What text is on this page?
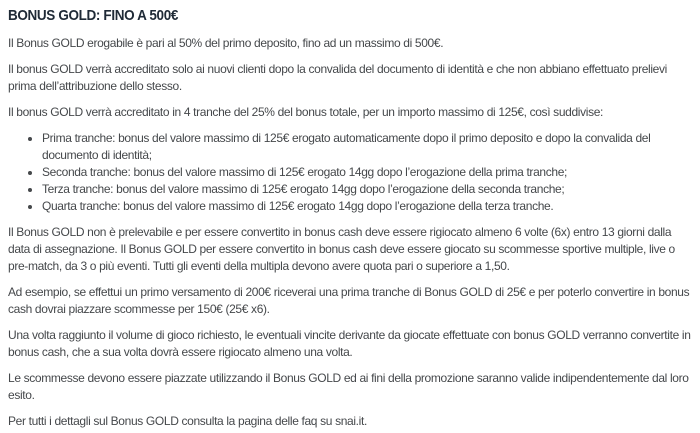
BONUS GOLD: FINO A 500€

Il Bonus GOLD erogabile è pari al 50% del primo deposito, fino ad un massimo di 500€.

Il bonus GOLD verrà accreditato solo ai nuovi clienti dopo la convalida del documento di identità e che non abbiano effettuato prelievi prima dell’attribuzione dello stesso.

Il bonus GOLD verrà accreditato in 4 tranche del 25% del bonus totale, per un importo massimo di 125€, così suddivise:

• Prima tranche: bonus del valore massimo di 125€ erogato automaticamente dopo il primo deposito e dopo la convalida del documento di identità;
• Seconda tranche: bonus del valore massimo di 125€ erogato 14gg dopo l’erogazione della prima tranche;
• Terza tranche: bonus del valore massimo di 125€ erogato 14gg dopo l’erogazione della seconda tranche;
• Quarta tranche: bonus del valore massimo di 125€ erogato 14gg dopo l’erogazione della terza tranche.

Il Bonus GOLD non è prelevabile e per essere convertito in bonus cash deve essere rigiocato almeno 6 volte (6x) entro 13 giorni dalla data di assegnazione. Il Bonus GOLD per essere convertito in bonus cash deve essere giocato su scommesse sportive multiple, live o pre-match, da 3 o più eventi. Tutti gli eventi della multipla devono avere quota pari o superiore a 1,50.

Ad esempio, se effettui un primo versamento di 200€ riceverai una prima tranche di Bonus GOLD di 25€ e per poterlo convertire in bonus cash dovrai piazzare scommesse per 150€ (25€ x6).

Una volta raggiunto il volume di gioco richiesto, le eventuali vincite derivante da giocate effettuate con bonus GOLD verranno convertite in bonus cash, che a sua volta dovrà essere rigiocato almeno una volta.

Le scommesse devono essere piazzate utilizzando il Bonus GOLD ed ai fini della promozione saranno valide indipendentemente dal loro esito.

Per tutti i dettagli sul Bonus GOLD consulta la pagina delle faq su snai.it.
